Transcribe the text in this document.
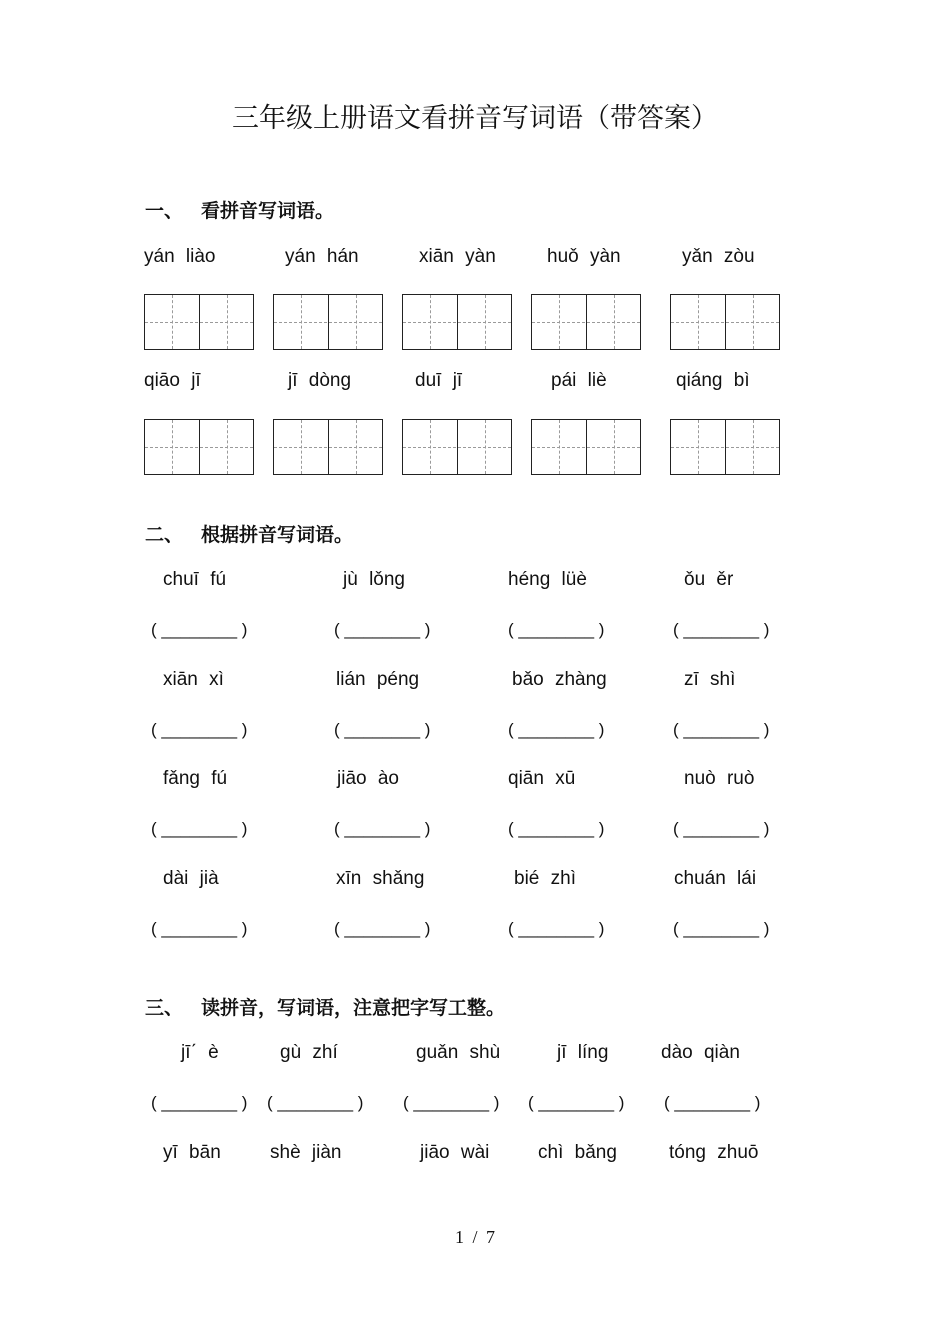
三年级上册语文看拼音写词语（带答案）
一、 看拼音写词语。
yán liào	yán hán	xiān yàn	huǒ yàn	yǎn zòu
qiāo jī	jī dòng	duī jī	pái liè	qiáng bì
二、 根据拼音写词语。
chuī fú	jù lǒng	héng lüè	ǒu ěr
( ________ )	( ________ )	( ________ )	( ________ )
xiān xì	lián péng	bǎo zhàng	zī shì
( ________ )	( ________ )	( ________ )	( ________ )
fǎng fú	jiāo ào	qiān xū	nuò ruò
( ________ )	( ________ )	( ________ )	( ________ )
dài jià	xīn shǎng	bié zhì	chuán lái
( ________ )	( ________ )	( ________ )	( ________ )
三、 读拼音，写词语，注意把字写工整。
jīˊ è	gù zhí	guǎn shù	jī líng	dào qiàn
( ________ ) ( ________ ) ( ________ ) ( ________ ) ( ________ )
yī bān	shè jiàn	jiāo wài	chì bǎng	tóng zhuō
1 / 7
